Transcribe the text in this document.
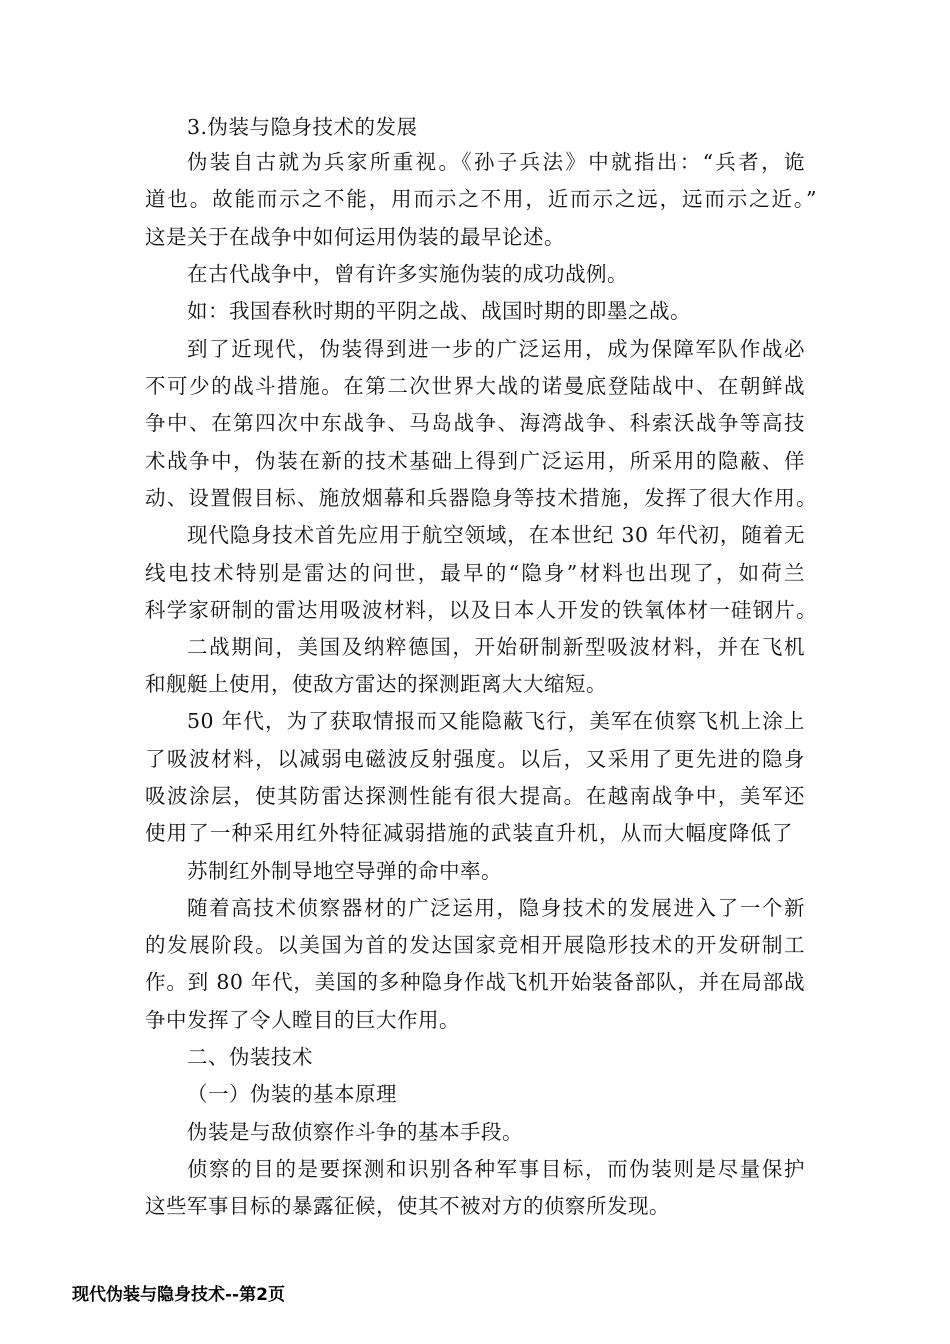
3.伪装与隐身技术的发展
伪装自古就为兵家所重视。《孙子兵法》中就指出：“兵者，诡
道也。故能而示之不能，用而示之不用，近而示之远，远而示之近。”
这是关于在战争中如何运用伪装的最早论述。
在古代战争中，曾有许多实施伪装的成功战例。
如：我国春秋时期的平阴之战、战国时期的即墨之战。
到了近现代，伪装得到进一步的广泛运用，成为保障军队作战必
不可少的战斗措施。在第二次世界大战的诺曼底登陆战中、在朝鲜战
争中、在第四次中东战争、马岛战争、海湾战争、科索沃战争等高技
术战争中，伪装在新的技术基础上得到广泛运用，所采用的隐蔽、佯
动、设置假目标、施放烟幕和兵器隐身等技术措施，发挥了很大作用。
现代隐身技术首先应用于航空领域，在本世纪 30 年代初，随着无
线电技术特别是雷达的问世，最早的“隐身”材料也出现了，如荷兰
科学家研制的雷达用吸波材料，以及日本人开发的铁氧体材一硅钢片。
二战期间，美国及纳粹德国，开始研制新型吸波材料，并在飞机
和舰艇上使用，使敌方雷达的探测距离大大缩短。
50 年代，为了获取情报而又能隐蔽飞行，美军在侦察飞机上涂上
了吸波材料，以减弱电磁波反射强度。以后，又采用了更先进的隐身
吸波涂层，使其防雷达探测性能有很大提高。在越南战争中，美军还
使用了一种采用红外特征减弱措施的武装直升机，从而大幅度降低了
苏制红外制导地空导弹的命中率。
随着高技术侦察器材的广泛运用，隐身技术的发展进入了一个新
的发展阶段。以美国为首的发达国家竞相开展隐形技术的开发研制工
作。到 80 年代，美国的多种隐身作战飞机开始装备部队，并在局部战
争中发挥了令人瞠目的巨大作用。
二、伪装技术
（一）伪装的基本原理
伪装是与敌侦察作斗争的基本手段。
侦察的目的是要探测和识别各种军事目标，而伪装则是尽量保护
这些军事目标的暴露征候，使其不被对方的侦察所发现。
现代伪装与隐身技术--第2页
